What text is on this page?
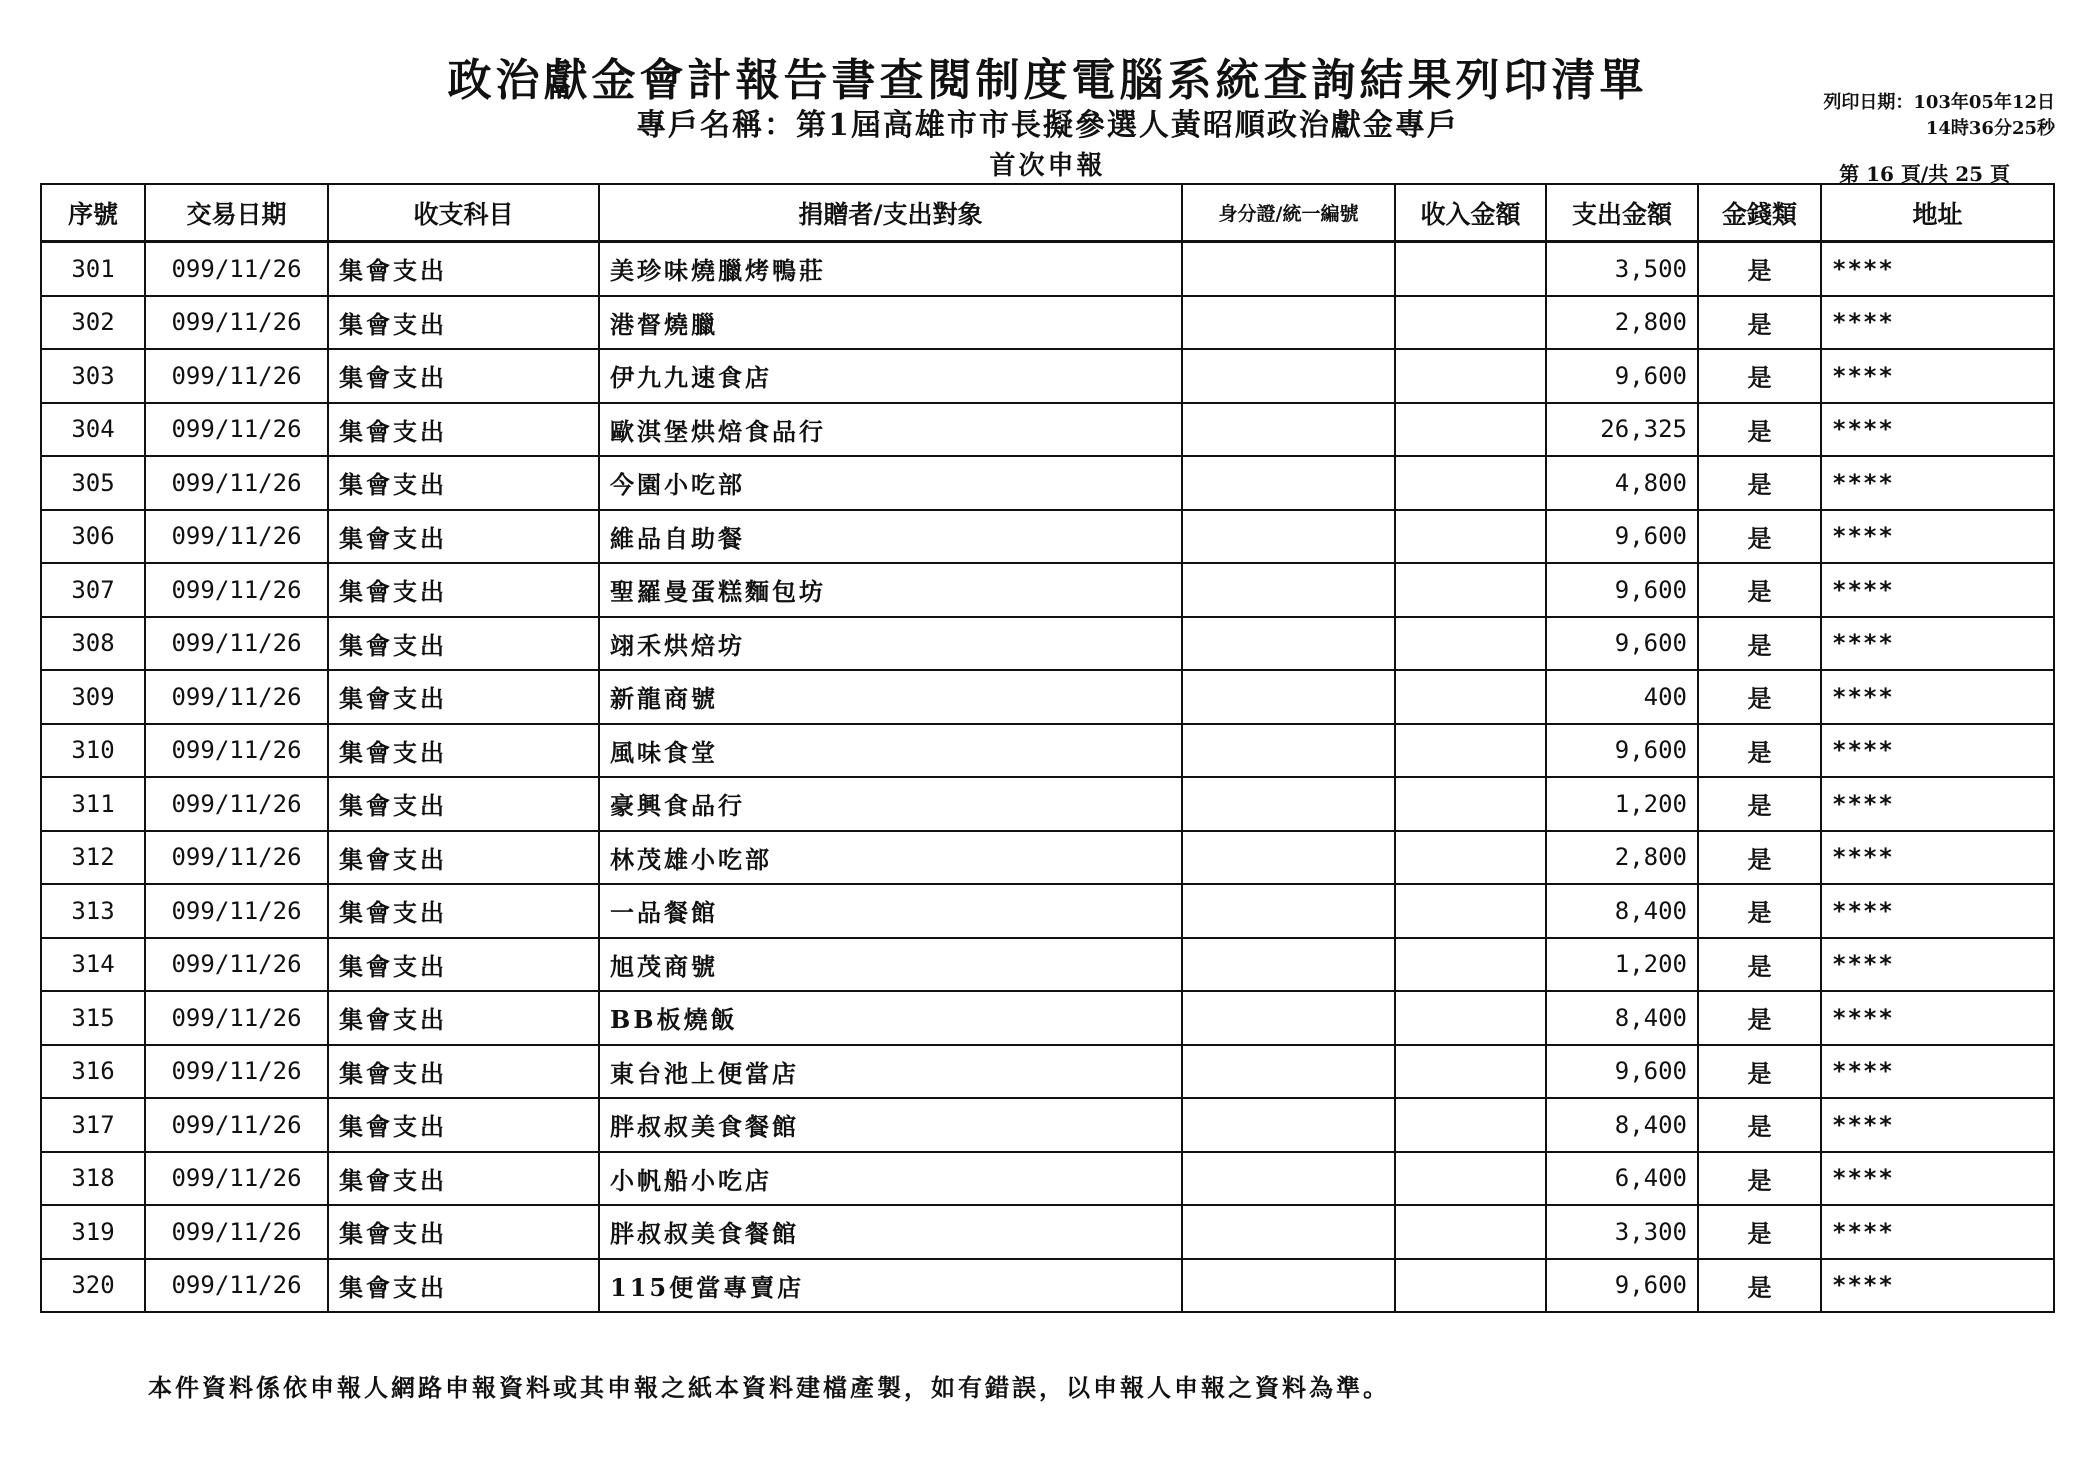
政治獻金會計報告書查閱制度電腦系統查詢結果列印清單
專戶名稱：第1屆高雄市市長擬參選人黃昭順政治獻金專戶
首次申報
列印日期：103年05年12日
14時36分25秒
第 16 頁/共 25 頁
序號	交易日期	收支科目	捐贈者/支出對象	身分證/統一編號	收入金額	支出金額	金錢類	地址
301	099/11/26	集會支出	美珍味燒臘烤鴨莊			3,500	是	****
302	099/11/26	集會支出	港督燒臘			2,800	是	****
303	099/11/26	集會支出	伊九九速食店			9,600	是	****
304	099/11/26	集會支出	歐淇堡烘焙食品行			26,325	是	****
305	099/11/26	集會支出	今園小吃部			4,800	是	****
306	099/11/26	集會支出	維品自助餐			9,600	是	****
307	099/11/26	集會支出	聖羅曼蛋糕麵包坊			9,600	是	****
308	099/11/26	集會支出	翊禾烘焙坊			9,600	是	****
309	099/11/26	集會支出	新龍商號			400	是	****
310	099/11/26	集會支出	風味食堂			9,600	是	****
311	099/11/26	集會支出	豪興食品行			1,200	是	****
312	099/11/26	集會支出	林茂雄小吃部			2,800	是	****
313	099/11/26	集會支出	一品餐館			8,400	是	****
314	099/11/26	集會支出	旭茂商號			1,200	是	****
315	099/11/26	集會支出	BB板燒飯			8,400	是	****
316	099/11/26	集會支出	東台池上便當店			9,600	是	****
317	099/11/26	集會支出	胖叔叔美食餐館			8,400	是	****
318	099/11/26	集會支出	小帆船小吃店			6,400	是	****
319	099/11/26	集會支出	胖叔叔美食餐館			3,300	是	****
320	099/11/26	集會支出	115便當專賣店			9,600	是	****
本件資料係依申報人網路申報資料或其申報之紙本資料建檔產製，如有錯誤，以申報人申報之資料為準。
